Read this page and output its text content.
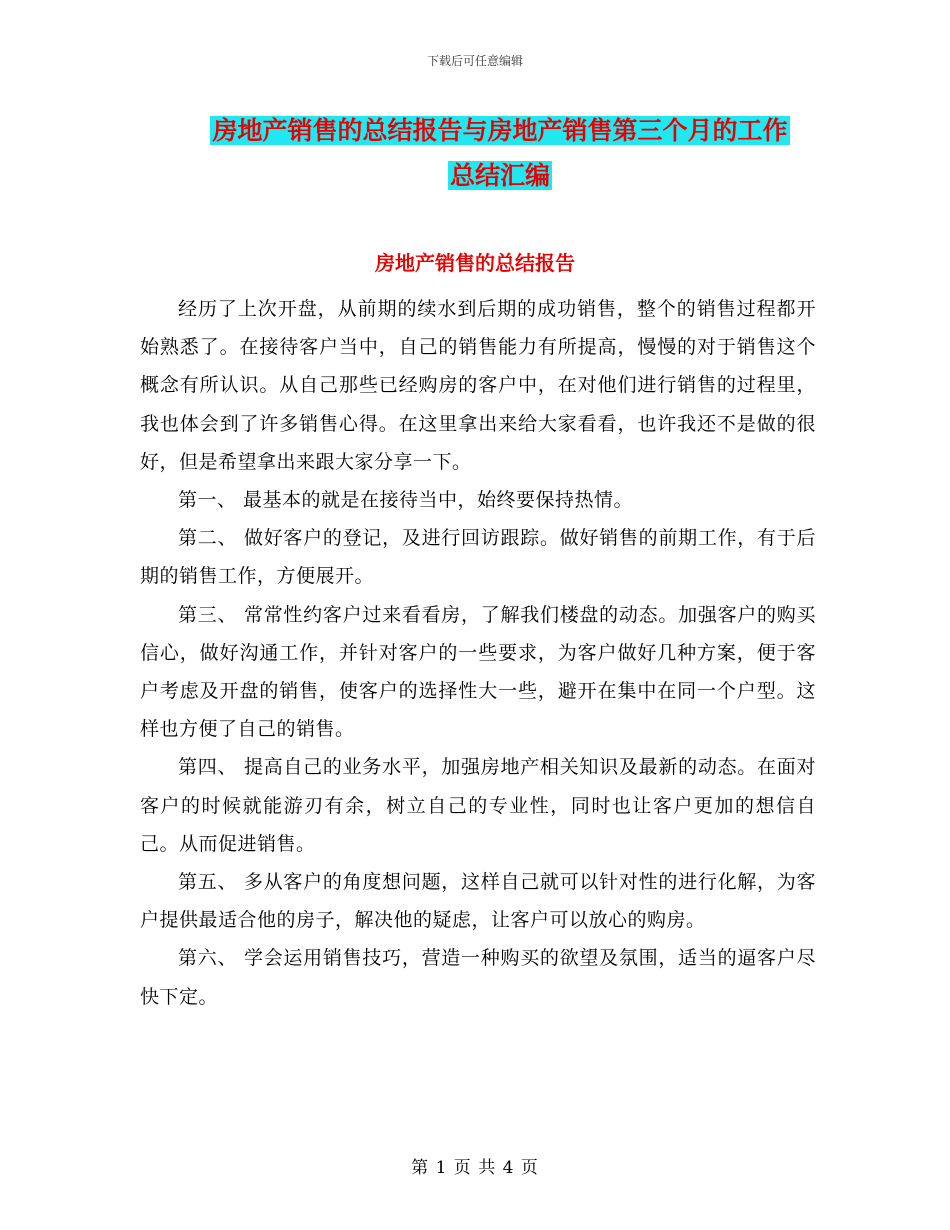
下载后可任意编辑
房地产销售的总结报告与房地产销售第三个月的工作
总结汇编
房地产销售的总结报告

经历了上次开盘，从前期的续水到后期的成功销售，整个的销售过程都开始熟悉了。在接待客户当中，自己的销售能力有所提高，慢慢的对于销售这个概念有所认识。从自己那些已经购房的客户中，在对他们进行销售的过程里，我也体会到了许多销售心得。在这里拿出来给大家看看，也许我还不是做的很好，但是希望拿出来跟大家分享一下。

第一、 最基本的就是在接待当中，始终要保持热情。

第二、 做好客户的登记，及进行回访跟踪。做好销售的前期工作，有于后期的销售工作，方便展开。

第三、 常常性约客户过来看看房，了解我们楼盘的动态。加强客户的购买信心，做好沟通工作，并针对客户的一些要求，为客户做好几种方案，便于客户考虑及开盘的销售，使客户的选择性大一些，避开在集中在同一个户型。这样也方便了自己的销售。

第四、 提高自己的业务水平，加强房地产相关知识及最新的动态。在面对客户的时候就能游刃有余，树立自己的专业性，同时也让客户更加的想信自己。从而促进销售。

第五、 多从客户的角度想问题，这样自己就可以针对性的进行化解，为客户提供最适合他的房子，解决他的疑虑，让客户可以放心的购房。

第六、 学会运用销售技巧，营造一种购买的欲望及氛围，适当的逼客户尽快下定。

第 1 页 共 4 页
